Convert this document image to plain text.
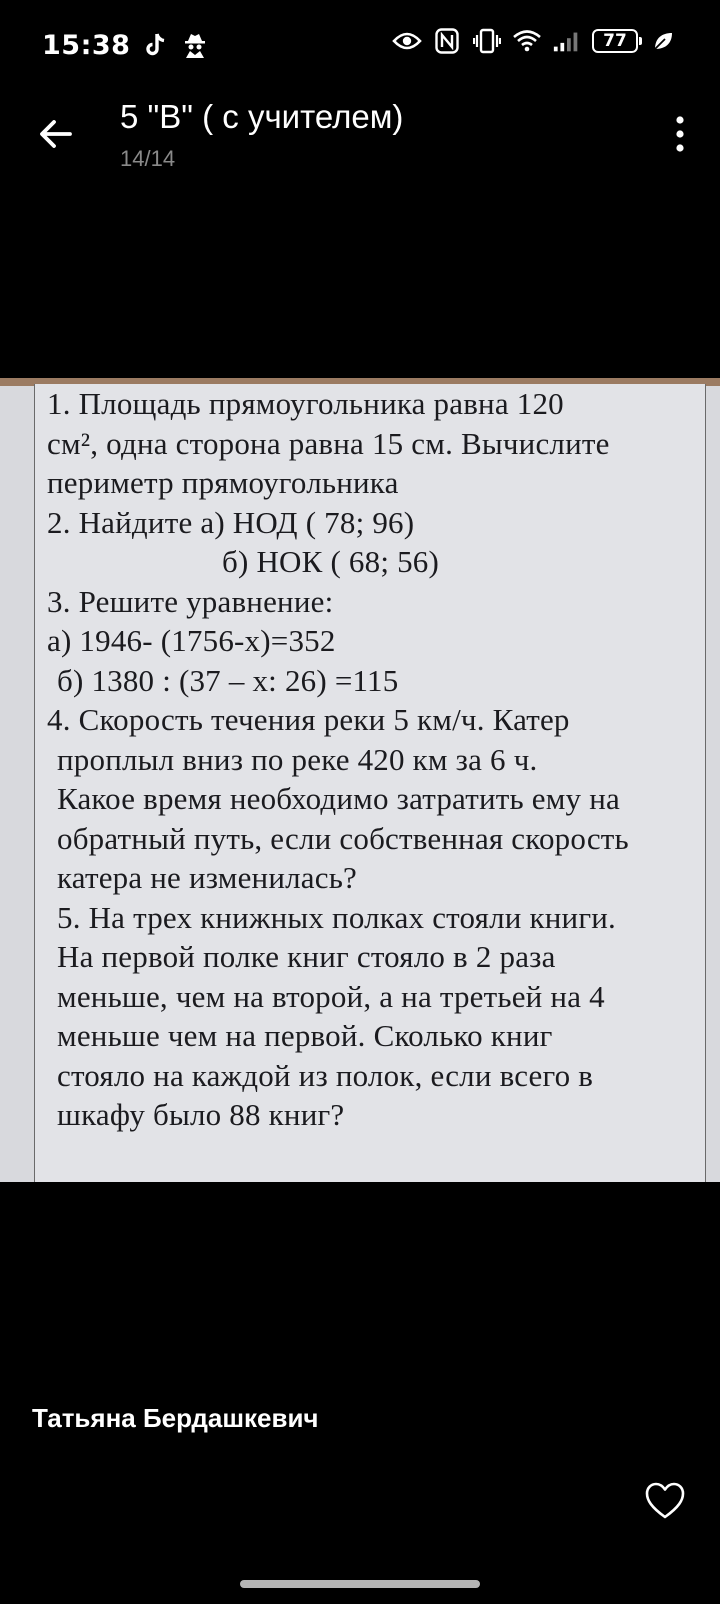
15:38	77
5 "В" ( с учителем)
14/14
1. Площадь прямоугольника равна 120
см², одна сторона равна 15 см. Вычислите
периметр прямоугольника
2. Найдите а) НОД ( 78; 96)
б) НОК ( 68; 56)
3. Решите уравнение:
а) 1946- (1756-х)=352
б) 1380 : (37 – х: 26) =115
4. Скорость течения реки 5 км/ч. Катер
проплыл вниз по реке 420 км за 6 ч.
Какое время необходимо затратить ему на
обратный путь, если собственная скорость
катера не изменилась?
5. На трех книжных полках стояли книги.
На первой полке книг стояло в 2 раза
меньше, чем на второй, а на третьей на 4
меньше чем на первой. Сколько книг
стояло на каждой из полок, если всего в
шкафу было 88 книг?
Татьяна Бердашкевич
